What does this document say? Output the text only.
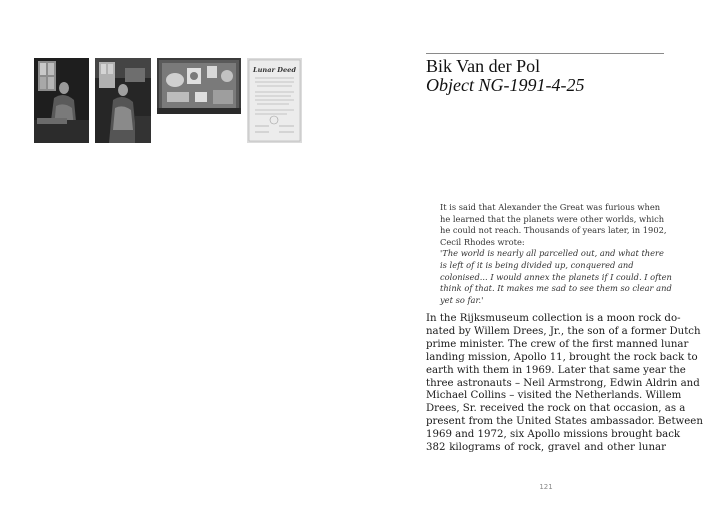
Lunar Deed	Bik Van der Pol
Object NG-1991-4-25
It is said that Alexander the Great was furious when
he learned that the planets were other worlds, which
he could not reach. Thousands of years later, in 1902,
Cecil Rhodes wrote:
'The world is nearly all parcelled out, and what there
is left of it is being divided up, conquered and
colonised... I would annex the planets if I could. I often
think of that. It makes me sad to see them so clear and
yet so far.'
In the Rijksmuseum collection is a moon rock do-
nated by Willem Drees, Jr., the son of a former Dutch
prime minister. The crew of the first manned lunar
landing mission, Apollo 11, brought the rock back to
earth with them in 1969. Later that same year the
three astronauts – Neil Armstrong, Edwin Aldrin and
Michael Collins – visited the Netherlands. Willem
Drees, Sr. received the rock on that occasion, as a
present from the United States ambassador. Between
1969 and 1972, six Apollo missions brought back
382 kilograms of rock, gravel and other lunar
121
